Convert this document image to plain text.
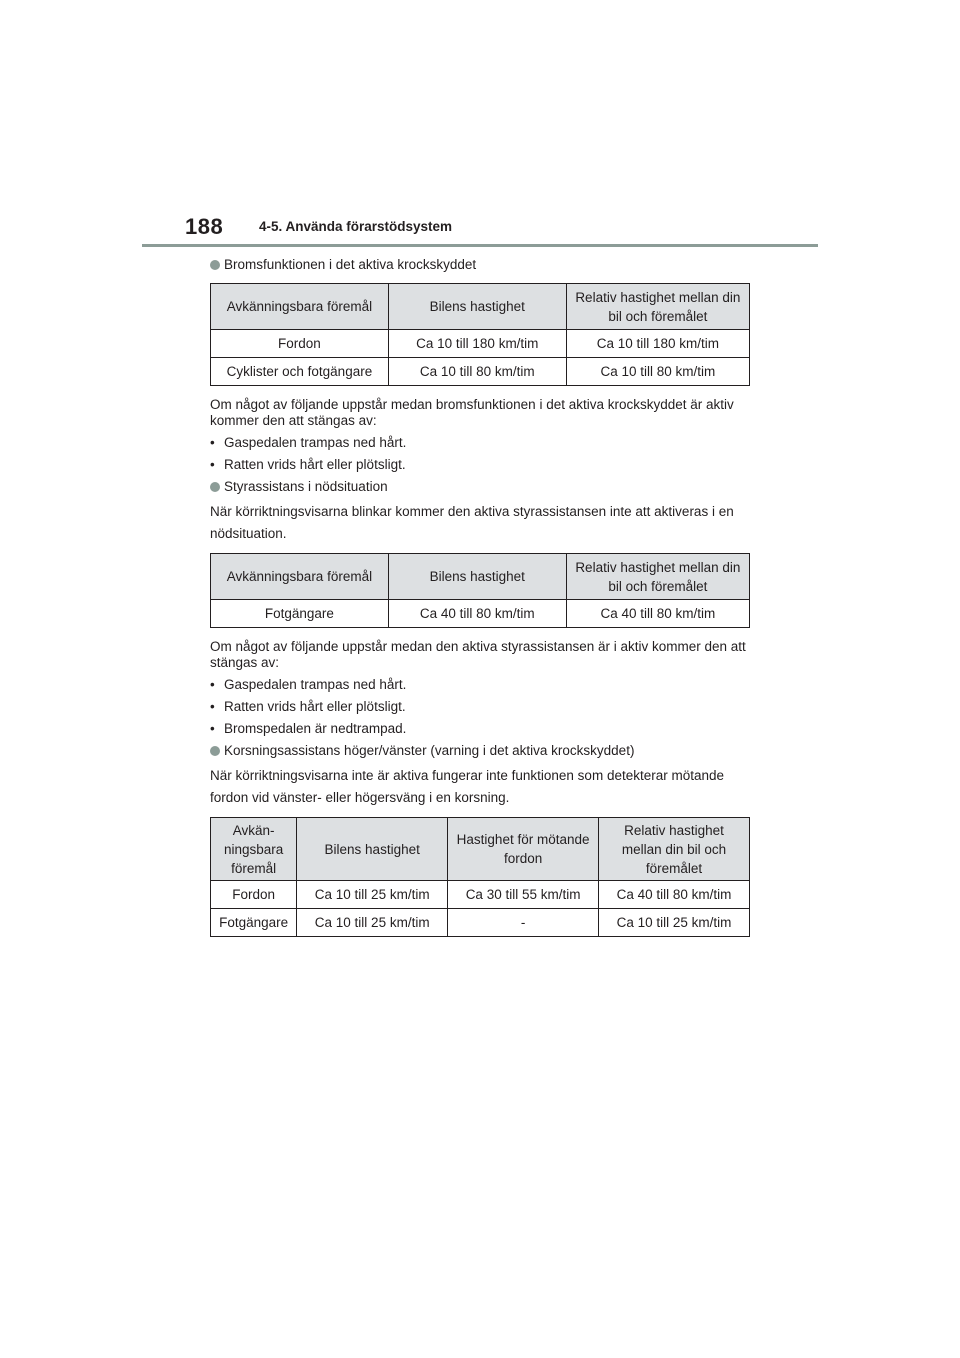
188	4-5. Använda förarstödsystem
Bromsfunktionen i det aktiva krockskyddet
Avkänningsbara föremål	Bilens hastighet	Relativ hastighet mellan din bil och föremålet
Fordon	Ca 10 till 180 km/tim	Ca 10 till 180 km/tim
Cyklister och fotgängare	Ca 10 till 80 km/tim	Ca 10 till 80 km/tim

Om något av följande uppstår medan bromsfunktionen i det aktiva krockskyddet är aktiv kommer den att stängas av:

• Gaspedalen trampas ned hårt.
• Ratten vrids hårt eller plötsligt.
Styrassistans i nödsituation

När körriktningsvisarna blinkar kommer den aktiva styrassistansen inte att aktiveras i en nödsituation.

Avkänningsbara föremål	Bilens hastighet	Relativ hastighet mellan din bil och föremålet
Fotgängare	Ca 40 till 80 km/tim	Ca 40 till 80 km/tim

Om något av följande uppstår medan den aktiva styrassistansen är i aktiv kommer den att stängas av:

• Gaspedalen trampas ned hårt.
• Ratten vrids hårt eller plötsligt.
• Bromspedalen är nedtrampad.
Korsningsassistans höger/vänster (varning i det aktiva krockskyddet)

När körriktningsvisarna inte är aktiva fungerar inte funktionen som detekterar mötande fordon vid vänster- eller högersväng i en korsning.

Avkän-ningsbara föremål	Bilens hastighet	Hastighet för mötande fordon	Relativ hastighet mellan din bil och föremålet
Fordon	Ca 10 till 25 km/tim	Ca 30 till 55 km/tim	Ca 40 till 80 km/tim
Fotgängare	Ca 10 till 25 km/tim	-	Ca 10 till 25 km/tim
